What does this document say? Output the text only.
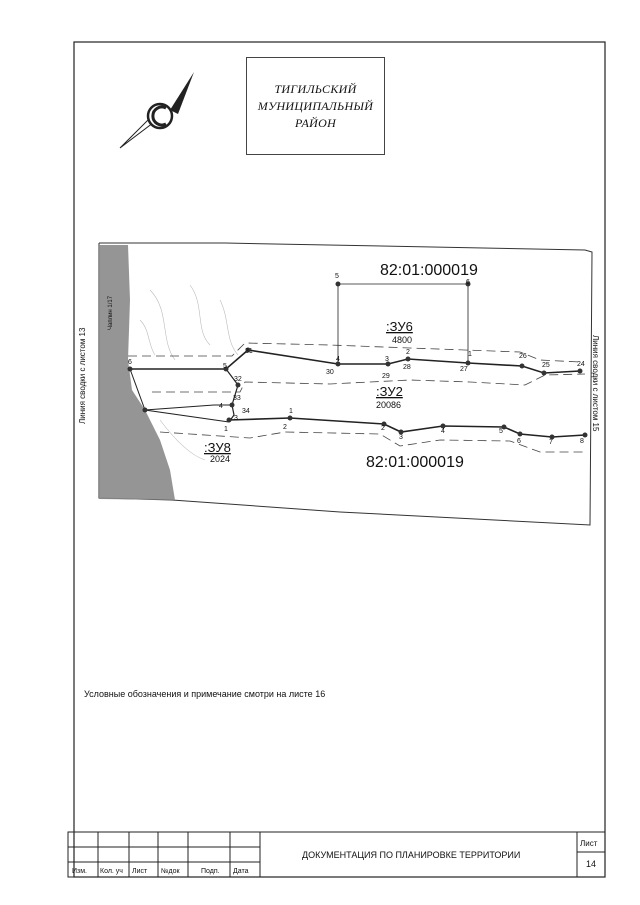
82:01:000019
82:01:000019
:ЗУ6
4800
:ЗУ2
20086
:ЗУ8
2024
5
6
31
4
30
3
29
2
28
1
27
26
25	24
6
5
32
33
4
3
34
1	2
1
2
3
4	5
6	7	8
Линия сводки с листом 13	Линия сводки с листом 15
Чаплин 1/17
Изм. Кол. уч Лист №док	Подп. Дата
ДОКУМЕНТАЦИЯ ПО ПЛАНИРОВКЕ ТЕРРИТОРИИ
Лист
14
ТИГИЛЬСКИЙ
МУНИЦИПАЛЬНЫЙ
РАЙОН
Условные обозначения и примечание смотри на листе 16
